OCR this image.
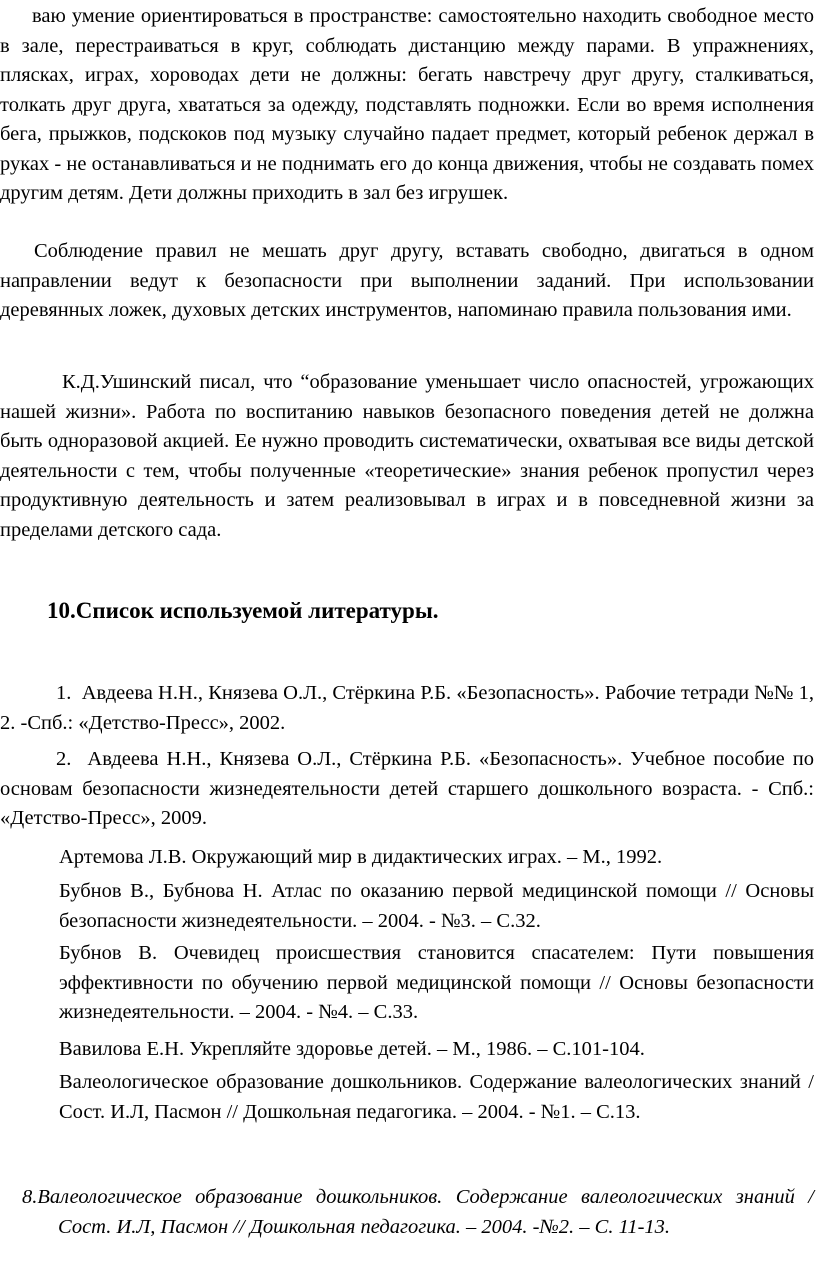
ваю умение ориентироваться в пространстве: самостоятельно находить свободное место в зале, перестраиваться в круг, соблюдать дистанцию между парами. В упражнениях, плясках, играх, хороводах дети не должны: бегать навстречу друг другу, сталкиваться, толкать друг друга, хвататься за одежду, подставлять подножки. Если во время исполнения бега, прыжков, подскоков под музыку случайно падает предмет, который ребенок держал в руках - не останавливаться и не поднимать его до конца движения, чтобы не создавать помех другим детям. Дети должны приходить в зал без игрушек.

Соблюдение правил не мешать друг другу, вставать свободно, двигаться в одном направлении ведут к безопасности при выполнении заданий. При использовании деревянных ложек, духовых детских инструментов, напоминаю правила пользования ими.

К.Д.Ушинский писал, что “образование уменьшает число опасностей, угрожающих нашей жизни». Работа по воспитанию навыков безопасного поведения детей не должна быть одноразовой акцией. Ее нужно проводить систематически, охватывая все виды детской деятельности с тем, чтобы полученные «теоретические» знания ребенок пропустил через продуктивную деятельность и затем реализовывал в играх и в повседневной жизни за пределами детского сада.

10.Список используемой литературы.

1. Авдеева Н.Н., Князева О.Л., Стёркина Р.Б. «Безопасность». Рабочие тетради №№ 1, 2. -Спб.: «Детство-Пресс», 2002.

2. Авдеева Н.Н., Князева О.Л., Стёркина Р.Б. «Безопасность». Учебное пособие по основам безопасности жизнедеятельности детей старшего дошкольного возраста. - Спб.: «Детство-Пресс», 2009.

Артемова Л.В. Окружающий мир в дидактических играх. – М., 1992.

Бубнов В., Бубнова Н. Атлас по оказанию первой медицинской помощи // Основы безопасности жизнедеятельности. – 2004. - №3. – С.32.

Бубнов В. Очевидец происшествия становится спасателем: Пути повышения эффективности по обучению первой медицинской помощи // Основы безопасности жизнедеятельности. – 2004. - №4. – С.33.

Вавилова Е.Н. Укрепляйте здоровье детей. – М., 1986. – С.101-104.

Валеологическое образование дошкольников. Содержание валеологических знаний / Сост. И.Л, Пасмон // Дошкольная педагогика. – 2004. - №1. – С.13.

8.Валеологическое образование дошкольников. Содержание валеологических знаний / Сост. И.Л, Пасмон // Дошкольная педагогика. – 2004. -№2. – С. 11-13.
